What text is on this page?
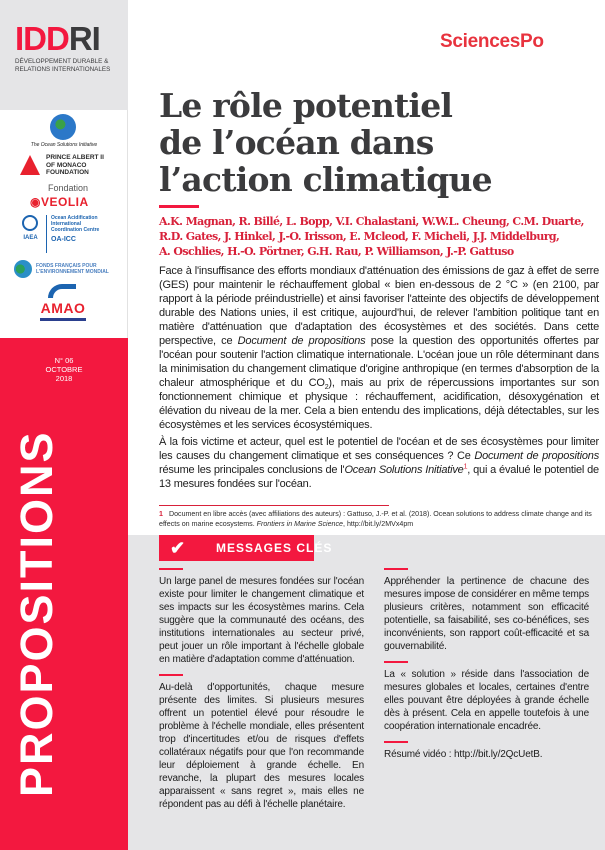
IDDRI
DÉVELOPPEMENT DURABLE &
RELATIONS INTERNATIONALES
The Ocean Solutions Initiative
PRINCE ALBERT II
OF MONACO
FOUNDATION
Fondation
◉VEOLIA
IAEA
Ocean Acidification
International
Coordination Centre
OA-ICC
FONDS FRANÇAIS POUR
L'ENVIRONNEMENT MONDIAL
AMAO
N° 06
OCTOBRE
2018
PROPOSITIONS
SciencesPo
Le rôle potentiel
de l’océan dans
l’action climatique
A.K. Magnan, R. Billé, L. Bopp, V.I. Chalastani, W.W.L. Cheung, C.M. Duarte,
R.D. Gates, J. Hinkel, J.-O. Irisson, E. Mcleod, F. Micheli, J.J. Middelburg,
A. Oschlies, H.-O. Pörtner, G.H. Rau, P. Williamson, J.-P. Gattuso

Face à l'insuffisance des efforts mondiaux d'atténuation des émissions de gaz à effet de serre (GES) pour maintenir le réchauffement global « bien en-dessous de 2 °C » (en 2100, par rapport à la période préindustrielle) et ainsi favoriser l'atteinte des objectifs de développement durable des Nations unies, il est critique, aujourd'hui, de relever l'ambition politique tant en matière d'atténuation que d'adaptation des écosystèmes et des sociétés. Dans cette perspective, ce Document de propositions pose la question des opportunités offertes par l'océan pour soutenir l'action climatique internationale. L'océan joue un rôle déterminant dans la minimisation du changement climatique d'origine anthropique (en termes d'absorption de la chaleur atmosphérique et du $CO_2$), mais au prix de répercussions importantes sur son fonctionnement chimique et physique : réchauffement, acidification, désoxygénation et élévation du niveau de la mer. Cela a bien entendu des implications, déjà détectables, sur les écosystèmes et les services écosystémiques.

À la fois victime et acteur, quel est le potentiel de l'océan et de ses écosystèmes pour limiter les causes du changement climatique et ses conséquences ? Ce Document de propositions résume les principales conclusions de l'Ocean Solutions Initiative$^1$, qui a évalué le potentiel de 13 mesures fondées sur l'océan.

1 Document en libre accès (avec affiliations des auteurs) : Gattuso, J.-P. et al. (2018). Ocean solutions to address climate change and its effects on marine ecosystems. Frontiers in Marine Science, http://bit.ly/2MVx4pm
✔	MESSAGES CLÉS

Un large panel de mesures fondées sur l'océan existe pour limiter le changement climatique et ses impacts sur les écosystèmes marins. Cela suggère que la communauté des océans, des institutions internationales au secteur privé, peut jouer un rôle important à l'échelle globale en matière d'adaptation comme d'atténuation.

Au-delà d'opportunités, chaque mesure présente des limites. Si plusieurs mesures offrent un potentiel élevé pour résoudre le problème à l'échelle mondiale, elles présentent trop d'incertitudes et/ou de risques d'effets collatéraux négatifs pour que l'on recommande leur déploiement à grande échelle. En revanche, la plupart des mesures locales apparaissent « sans regret », mais elles ne répondent pas au défi à l'échelle planétaire.

Appréhender la pertinence de chacune des mesures impose de considérer en même temps plusieurs critères, notamment son efficacité potentielle, sa faisabilité, ses co-bénéfices, ses inconvénients, son rapport coût-efficacité et sa gouvernabilité.

La « solution » réside dans l'association de mesures globales et locales, certaines d'entre elles pouvant être déployées à grande échelle dès à présent. Cela en appelle toutefois à une coopération internationale encadrée.

Résumé vidéo : http://bit.ly/2QcUetB.
